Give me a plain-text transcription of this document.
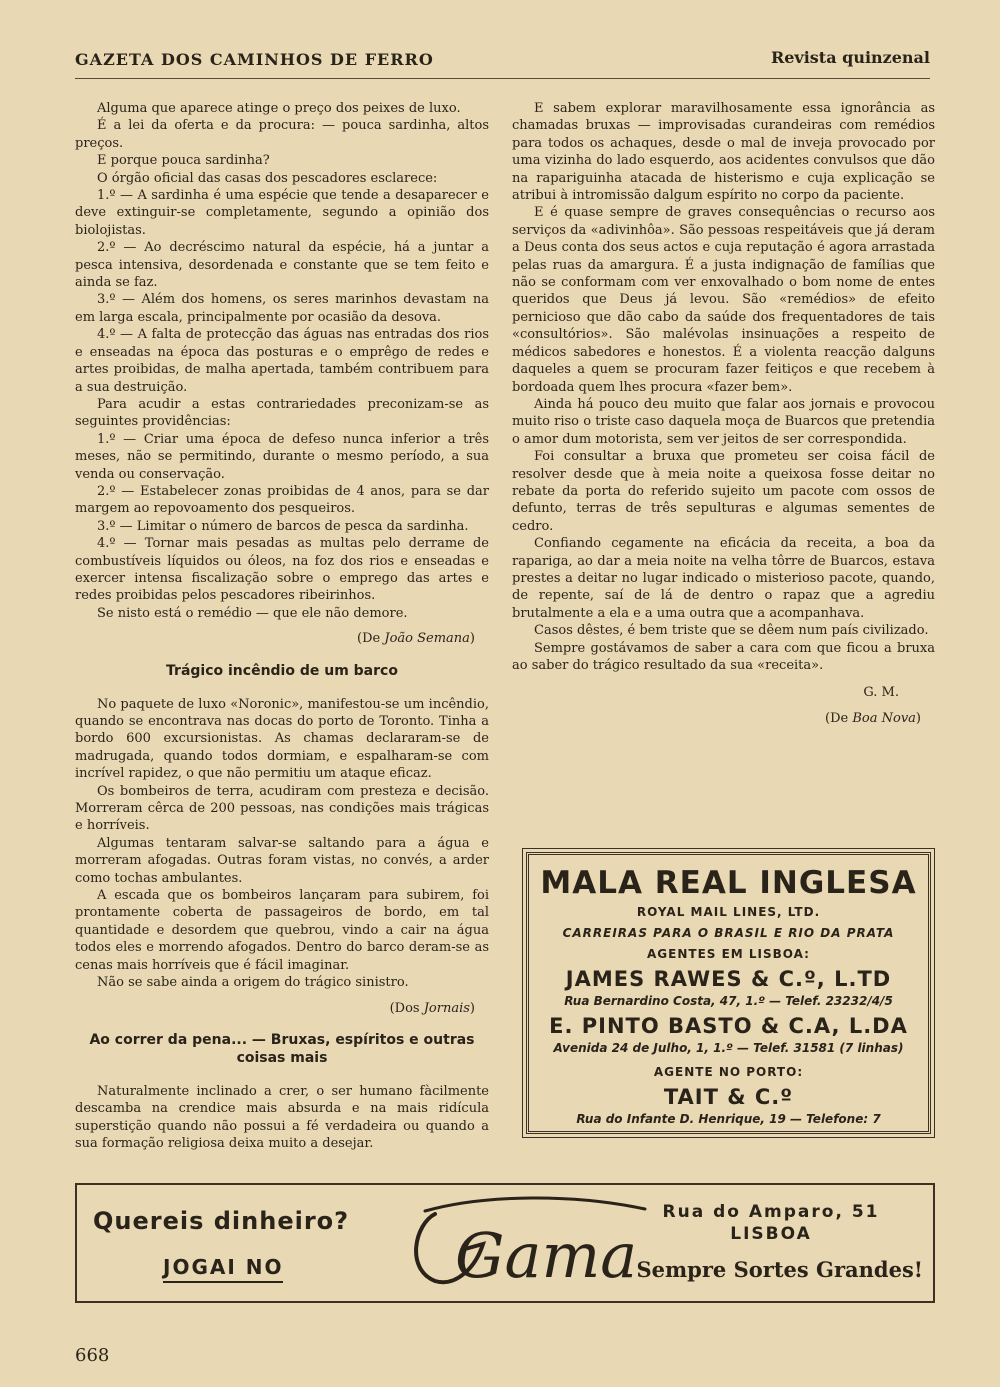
GAZETA DOS CAMINHOS DE FERRO	Revista quinzenal

Alguma que aparece atinge o preço dos peixes de luxo.

É a lei da oferta e da procura: — pouca sardinha, altos preços.

E porque pouca sardinha?

O órgão oficial das casas dos pescadores esclarece:

1.º — A sardinha é uma espécie que tende a desaparecer e deve extinguir-se completamente, segundo a opinião dos biolojistas.

2.º — Ao decréscimo natural da espécie, há a juntar a pesca intensiva, desordenada e constante que se tem feito e ainda se faz.

3.º — Além dos homens, os seres marinhos devastam na em larga escala, principalmente por ocasião da desova.

4.º — A falta de protecção das águas nas entradas dos rios e enseadas na época das posturas e o emprêgo de redes e artes proibidas, de malha apertada, também contribuem para a sua destruição.

Para acudir a estas contrariedades preconizam-se as seguintes providências:

1.º — Criar uma época de defeso nunca inferior a três meses, não se permitindo, durante o mesmo período, a sua venda ou conservação.

2.º — Estabelecer zonas proibidas de 4 anos, para se dar margem ao repovoamento dos pesqueiros.

3.º — Limitar o número de barcos de pesca da sardinha.

4.º — Tornar mais pesadas as multas pelo derrame de combustíveis líquidos ou óleos, na foz dos rios e enseadas e exercer intensa fiscalização sobre o emprego das artes e redes proibidas pelos pescadores ribeirinhos.

Se nisto está o remédio — que ele não demore.

(De João Semana)
Trágico incêndio de um barco

No paquete de luxo «Noronic», manifestou-se um incêndio, quando se encontrava nas docas do porto de Toronto. Tinha a bordo 600 excursionistas. As chamas declararam-se de madrugada, quando todos dormiam, e espalharam-se com incrível rapidez, o que não permitiu um ataque eficaz.

Os bombeiros de terra, acudiram com presteza e decisão. Morreram cêrca de 200 pessoas, nas condições mais trágicas e horríveis.

Algumas tentaram salvar-se saltando para a água e morreram afogadas. Outras foram vistas, no convés, a arder como tochas ambulantes.

A escada que os bombeiros lançaram para subirem, foi prontamente coberta de passageiros de bordo, em tal quantidade e desordem que quebrou, vindo a cair na água todos eles e morrendo afogados. Dentro do barco deram-se as cenas mais horríveis que é fácil imaginar.

Não se sabe ainda a origem do trágico sinistro.

(Dos Jornais)
Ao correr da pena... — Bruxas, espíritos e outras coisas mais

Naturalmente inclinado a crer, o ser humano fàcilmente descamba na crendice mais absurda e na mais ridícula superstição quando não possui a fé verdadeira ou quando a sua formação religiosa deixa muito a desejar.

E sabem explorar maravilhosamente essa ignorância as chamadas bruxas — improvisadas curandeiras com remédios para todos os achaques, desde o mal de inveja provocado por uma vizinha do lado esquerdo, aos acidentes convulsos que dão na rapariguinha atacada de histerismo e cuja explicação se atribui à intromissão dalgum espírito no corpo da paciente.

E é quase sempre de graves consequências o recurso aos serviços da «adivinhôa». São pessoas respeitáveis que já deram a Deus conta dos seus actos e cuja reputação é agora arrastada pelas ruas da amargura. É a justa indignação de famílias que não se conformam com ver enxovalhado o bom nome de entes queridos que Deus já levou. São «remédios» de efeito pernicioso que dão cabo da saúde dos frequentadores de tais «consultórios». São malévolas insinuações a respeito de médicos sabedores e honestos. É a violenta reacção dalguns daqueles a quem se procuram fazer feitiços e que recebem à bordoada quem lhes procura «fazer bem».

Ainda há pouco deu muito que falar aos jornais e provocou muito riso o triste caso daquela moça de Buarcos que pretendia o amor dum motorista, sem ver jeitos de ser correspondida.

Foi consultar a bruxa que prometeu ser coisa fácil de resolver desde que à meia noite a queixosa fosse deitar no rebate da porta do referido sujeito um pacote com ossos de defunto, terras de três sepulturas e algumas sementes de cedro.

Confiando cegamente na eficácia da receita, a boa da rapariga, ao dar a meia noite na velha tôrre de Buarcos, estava prestes a deitar no lugar indicado o misterioso pacote, quando, de repente, saí de lá de dentro o rapaz que a agrediu brutalmente a ela e a uma outra que a acompanhava.

Casos dêstes, é bem triste que se dêem num país civilizado.

Sempre gostávamos de saber a cara com que ficou a bruxa ao saber do trágico resultado da sua «receita».

G. M.
(De Boa Nova)
MALA REAL INGLESA
ROYAL MAIL LINES, LTD.
CARREIRAS PARA O BRASIL E RIO DA PRATA
AGENTES EM LISBOA:
JAMES RAWES & C.º, L.TD
Rua Bernardino Costa, 47, 1.º — Telef. 23232/4/5
E. PINTO BASTO & C.A, L.DA
Avenida 24 de Julho, 1, 1.º — Telef. 31581 (7 linhas)
AGENTE NO PORTO:
TAIT & C.º
Rua do Infante D. Henrique, 19 — Telefone: 7
Quereis dinheiro?
JOGAI NO	Gama
Rua do Amparo, 51
LISBOA
Sempre Sortes Grandes!
668
